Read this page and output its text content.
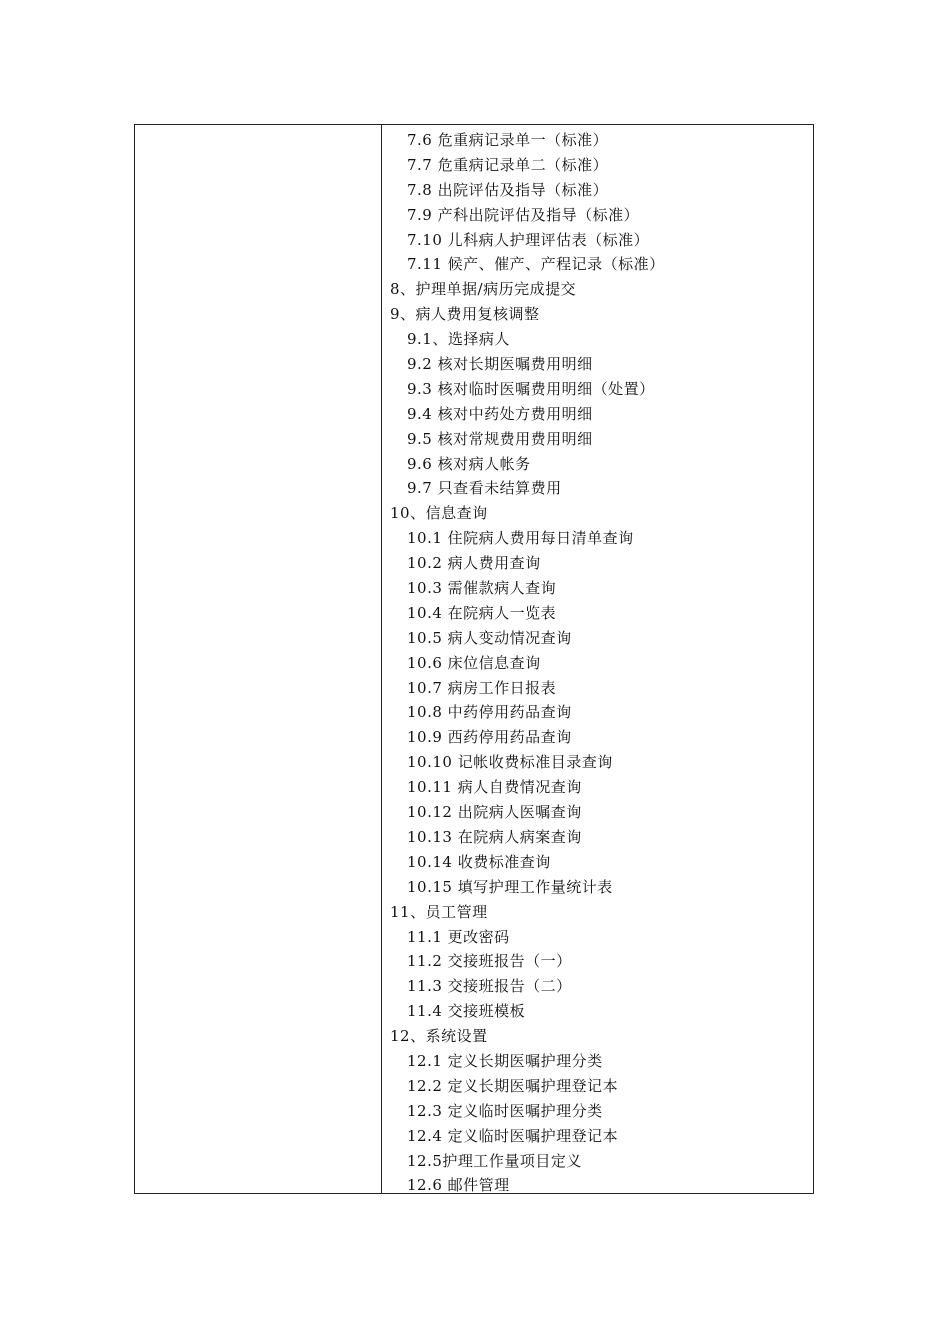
7.6 危重病记录单一（标准）
7.7 危重病记录单二（标准）
7.8 出院评估及指导（标准）
7.9 产科出院评估及指导（标准）
7.10 儿科病人护理评估表（标准）
7.11 候产、催产、产程记录（标准）
8、护理单据/病历完成提交
9、病人费用复核调整
9.1、选择病人
9.2 核对长期医嘱费用明细
9.3 核对临时医嘱费用明细（处置）
9.4 核对中药处方费用明细
9.5 核对常规费用费用明细
9.6 核对病人帐务
9.7 只查看未结算费用
10、信息查询
10.1 住院病人费用每日清单查询
10.2 病人费用查询
10.3 需催款病人查询
10.4 在院病人一览表
10.5 病人变动情况查询
10.6 床位信息查询
10.7 病房工作日报表
10.8 中药停用药品查询
10.9 西药停用药品查询
10.10 记帐收费标准目录查询
10.11 病人自费情况查询
10.12 出院病人医嘱查询
10.13 在院病人病案查询
10.14 收费标准查询
10.15 填写护理工作量统计表
11、员工管理
11.1 更改密码
11.2 交接班报告（一）
11.3 交接班报告（二）
11.4 交接班模板
12、系统设置
12.1 定义长期医嘱护理分类
12.2 定义长期医嘱护理登记本
12.3 定义临时医嘱护理分类
12.4 定义临时医嘱护理登记本
12.5护理工作量项目定义
12.6 邮件管理
